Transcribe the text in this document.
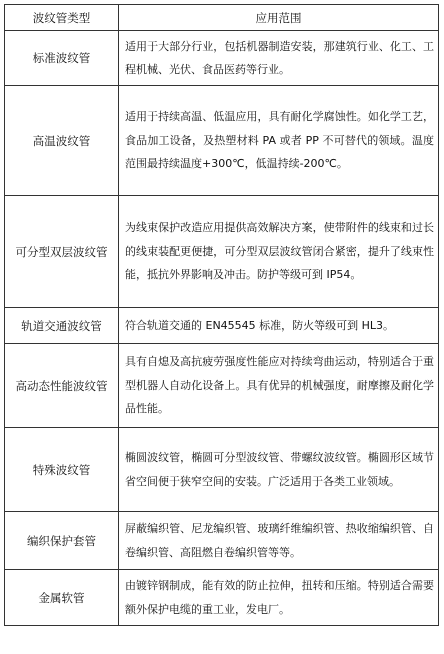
波纹管类型	应用范围
标准波纹管	适用于大部分行业，包括机器制造安装，那建筑行业、化工、工程机械、光伏、食品医药等行业。
高温波纹管	适用于持续高温、低温应用，具有耐化学腐蚀性。如化学工艺，食品加工设备，及热塑材料 PA 或者 PP 不可替代的领域。温度范围最持续温度+300℃，低温持续-200℃。
可分型双层波纹管	为线束保护改造应用提供高效解决方案，使带附件的线束和过长的线束装配更便捷，可分型双层波纹管闭合紧密，提升了线束性能，抵抗外界影响及冲击。防护等级可到 IP54。
轨道交通波纹管	符合轨道交通的 EN45545 标准，防火等级可到 HL3。
高动态性能波纹管	具有自熄及高抗疲劳强度性能应对持续弯曲运动，特别适合于重型机器人自动化设备上。具有优异的机械强度，耐摩擦及耐化学品性能。
特殊波纹管	椭圆波纹管，椭圆可分型波纹管、带螺纹波纹管。椭圆形区域节省空间便于狭窄空间的安装。广泛适用于各类工业领域。
编织保护套管	屏蔽编织管、尼龙编织管、玻璃纤维编织管、热收缩编织管、自卷编织管、高阻燃自卷编织管等等。
金属软管	由镀锌钢制成，能有效的防止拉伸，扭转和压缩。特别适合需要额外保护电缆的重工业，发电厂。
